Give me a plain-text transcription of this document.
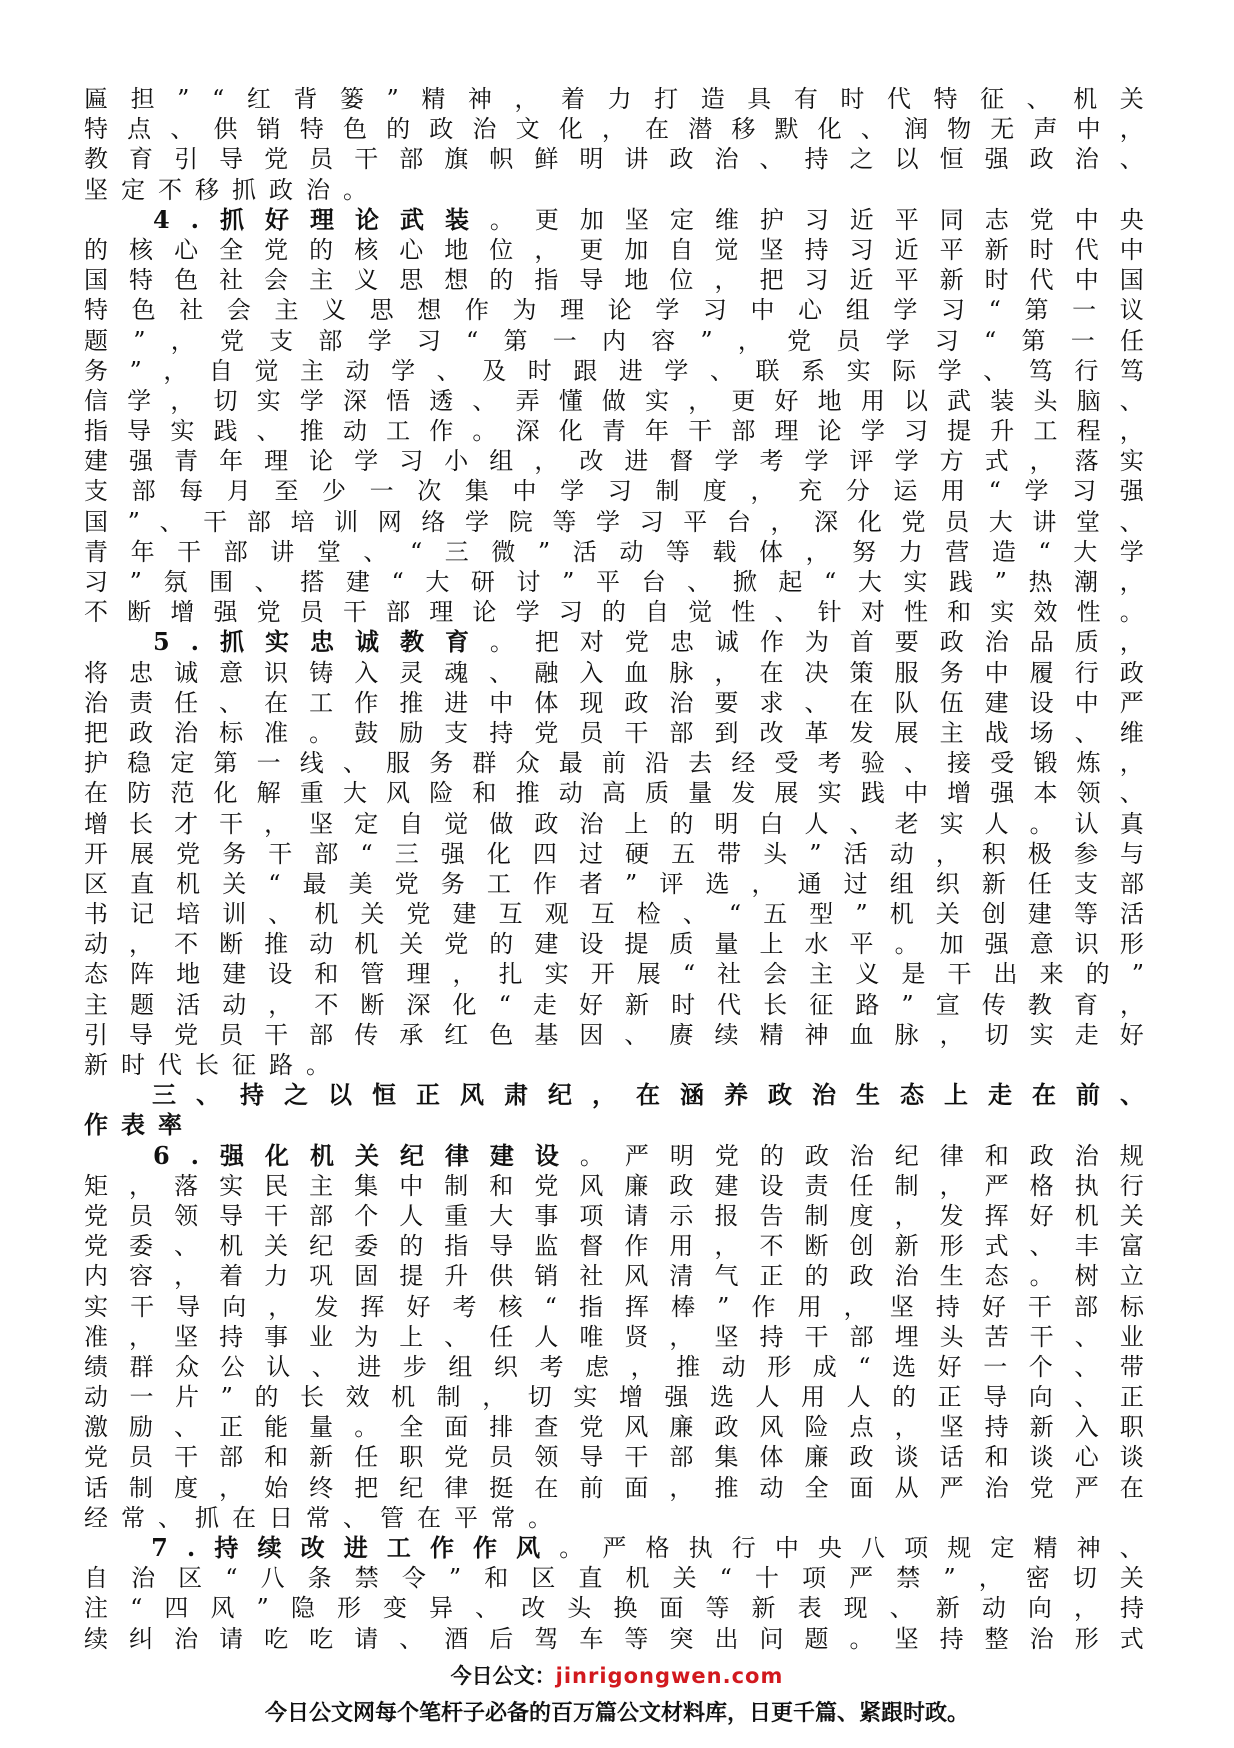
匾 担 ” “ 红 背 篓 ” 精 神 ， 着 力 打 造 具 有 时 代 特 征 、 机 关
特 点 、 供 销 特 色 的 政 治 文 化 ， 在 潜 移 默 化 、 润 物 无 声 中 ，
教 育 引 导 党 员 干 部 旗 帜 鲜 明 讲 政 治 、 持 之 以 恒 强 政 治 、
坚 定 不 移 抓 政 治 。
4 . 抓 好 理 论 武 装 。 更 加 坚 定 维 护 习 近 平 同 志 党 中 央
的 核 心 全 党 的 核 心 地 位 ， 更 加 自 觉 坚 持 习 近 平 新 时 代 中
国 特 色 社 会 主 义 思 想 的 指 导 地 位 ， 把 习 近 平 新 时 代 中 国
特 色 社 会 主 义 思 想 作 为 理 论 学 习 中 心 组 学 习 “ 第 一 议
题 ” ， 党 支 部 学 习 “ 第 一 内 容 ” ， 党 员 学 习 “ 第 一 任
务 ” ， 自 觉 主 动 学 、 及 时 跟 进 学 、 联 系 实 际 学 、 笃 行 笃
信 学 ， 切 实 学 深 悟 透 、 弄 懂 做 实 ， 更 好 地 用 以 武 装 头 脑 、
指 导 实 践 、 推 动 工 作 。 深 化 青 年 干 部 理 论 学 习 提 升 工 程 ，
建 强 青 年 理 论 学 习 小 组 ， 改 进 督 学 考 学 评 学 方 式 ， 落 实
支 部 每 月 至 少 一 次 集 中 学 习 制 度 ， 充 分 运 用 “ 学 习 强
国 ” 、 干 部 培 训 网 络 学 院 等 学 习 平 台 ， 深 化 党 员 大 讲 堂 、
青 年 干 部 讲 堂 、 “ 三 微 ” 活 动 等 载 体 ， 努 力 营 造 “ 大 学
习 ” 氛 围 、 搭 建 “ 大 研 讨 ” 平 台 、 掀 起 “ 大 实 践 ” 热 潮 ，
不 断 增 强 党 员 干 部 理 论 学 习 的 自 觉 性 、 针 对 性 和 实 效 性 。
5 . 抓 实 忠 诚 教 育 。 把 对 党 忠 诚 作 为 首 要 政 治 品 质 ，
将 忠 诚 意 识 铸 入 灵 魂 、 融 入 血 脉 ， 在 决 策 服 务 中 履 行 政
治 责 任 、 在 工 作 推 进 中 体 现 政 治 要 求 、 在 队 伍 建 设 中 严
把 政 治 标 准 。 鼓 励 支 持 党 员 干 部 到 改 革 发 展 主 战 场 、 维
护 稳 定 第 一 线 、 服 务 群 众 最 前 沿 去 经 受 考 验 、 接 受 锻 炼 ，
在 防 范 化 解 重 大 风 险 和 推 动 高 质 量 发 展 实 践 中 增 强 本 领 、
增 长 才 干 ， 坚 定 自 觉 做 政 治 上 的 明 白 人 、 老 实 人 。 认 真
开 展 党 务 干 部 “ 三 强 化 四 过 硬 五 带 头 ” 活 动 ， 积 极 参 与
区 直 机 关 “ 最 美 党 务 工 作 者 ” 评 选 ， 通 过 组 织 新 任 支 部
书 记 培 训 、 机 关 党 建 互 观 互 检 、 “ 五 型 ” 机 关 创 建 等 活
动 ， 不 断 推 动 机 关 党 的 建 设 提 质 量 上 水 平 。 加 强 意 识 形
态 阵 地 建 设 和 管 理 ， 扎 实 开 展 “ 社 会 主 义 是 干 出 来 的 ”
主 题 活 动 ， 不 断 深 化 “ 走 好 新 时 代 长 征 路 ” 宣 传 教 育 ，
引 导 党 员 干 部 传 承 红 色 基 因 、 赓 续 精 神 血 脉 ， 切 实 走 好
新 时 代 长 征 路 。
三 、 持 之 以 恒 正 风 肃 纪 ， 在 涵 养 政 治 生 态 上 走 在 前 、
作 表 率
6 . 强 化 机 关 纪 律 建 设 。 严 明 党 的 政 治 纪 律 和 政 治 规
矩 ， 落 实 民 主 集 中 制 和 党 风 廉 政 建 设 责 任 制 ， 严 格 执 行
党 员 领 导 干 部 个 人 重 大 事 项 请 示 报 告 制 度 ， 发 挥 好 机 关
党 委 、 机 关 纪 委 的 指 导 监 督 作 用 ， 不 断 创 新 形 式 、 丰 富
内 容 ， 着 力 巩 固 提 升 供 销 社 风 清 气 正 的 政 治 生 态 。 树 立
实 干 导 向 ， 发 挥 好 考 核 “ 指 挥 棒 ” 作 用 ， 坚 持 好 干 部 标
准 ， 坚 持 事 业 为 上 、 任 人 唯 贤 ， 坚 持 干 部 埋 头 苦 干 、 业
绩 群 众 公 认 、 进 步 组 织 考 虑 ， 推 动 形 成 “ 选 好 一 个 、 带
动 一 片 ” 的 长 效 机 制 ， 切 实 增 强 选 人 用 人 的 正 导 向 、 正
激 励 、 正 能 量 。 全 面 排 查 党 风 廉 政 风 险 点 ， 坚 持 新 入 职
党 员 干 部 和 新 任 职 党 员 领 导 干 部 集 体 廉 政 谈 话 和 谈 心 谈
话 制 度 ， 始 终 把 纪 律 挺 在 前 面 ， 推 动 全 面 从 严 治 党 严 在
经 常 、 抓 在 日 常 、 管 在 平 常 。
7 . 持 续 改 进 工 作 作 风 。 严 格 执 行 中 央 八 项 规 定 精 神 、
自 治 区 “ 八 条 禁 令 ” 和 区 直 机 关 “ 十 项 严 禁 ” ， 密 切 关
注 “ 四 风 ” 隐 形 变 异 、 改 头 换 面 等 新 表 现 、 新 动 向 ， 持
续 纠 治 请 吃 吃 请 、 酒 后 驾 车 等 突 出 问 题 。 坚 持 整 治 形 式
今日公文：jinrigongwen.com
今日公文网每个笔杆子必备的百万篇公文材料库，日更千篇、紧跟时政。
